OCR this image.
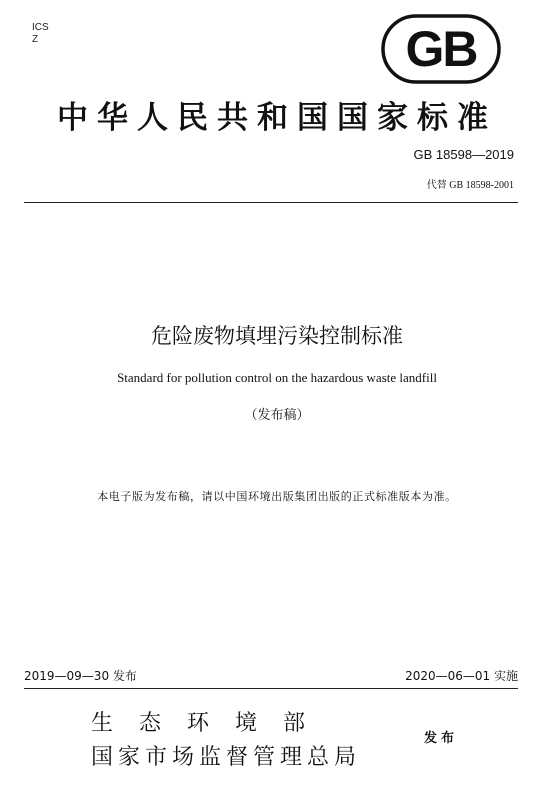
ICS
Z	GB
中华人民共和国国家标准
GB 18598—2019
代替 GB 18598-2001
危险废物填埋污染控制标准
Standard for pollution control on the hazardous waste landfill
（发布稿）
本电子版为发布稿，请以中国环境出版集团出版的正式标准版本为准。
2019—09—30 发布	2020—06—01 实施
生态环境部
国家市场监督管理总局
发布
